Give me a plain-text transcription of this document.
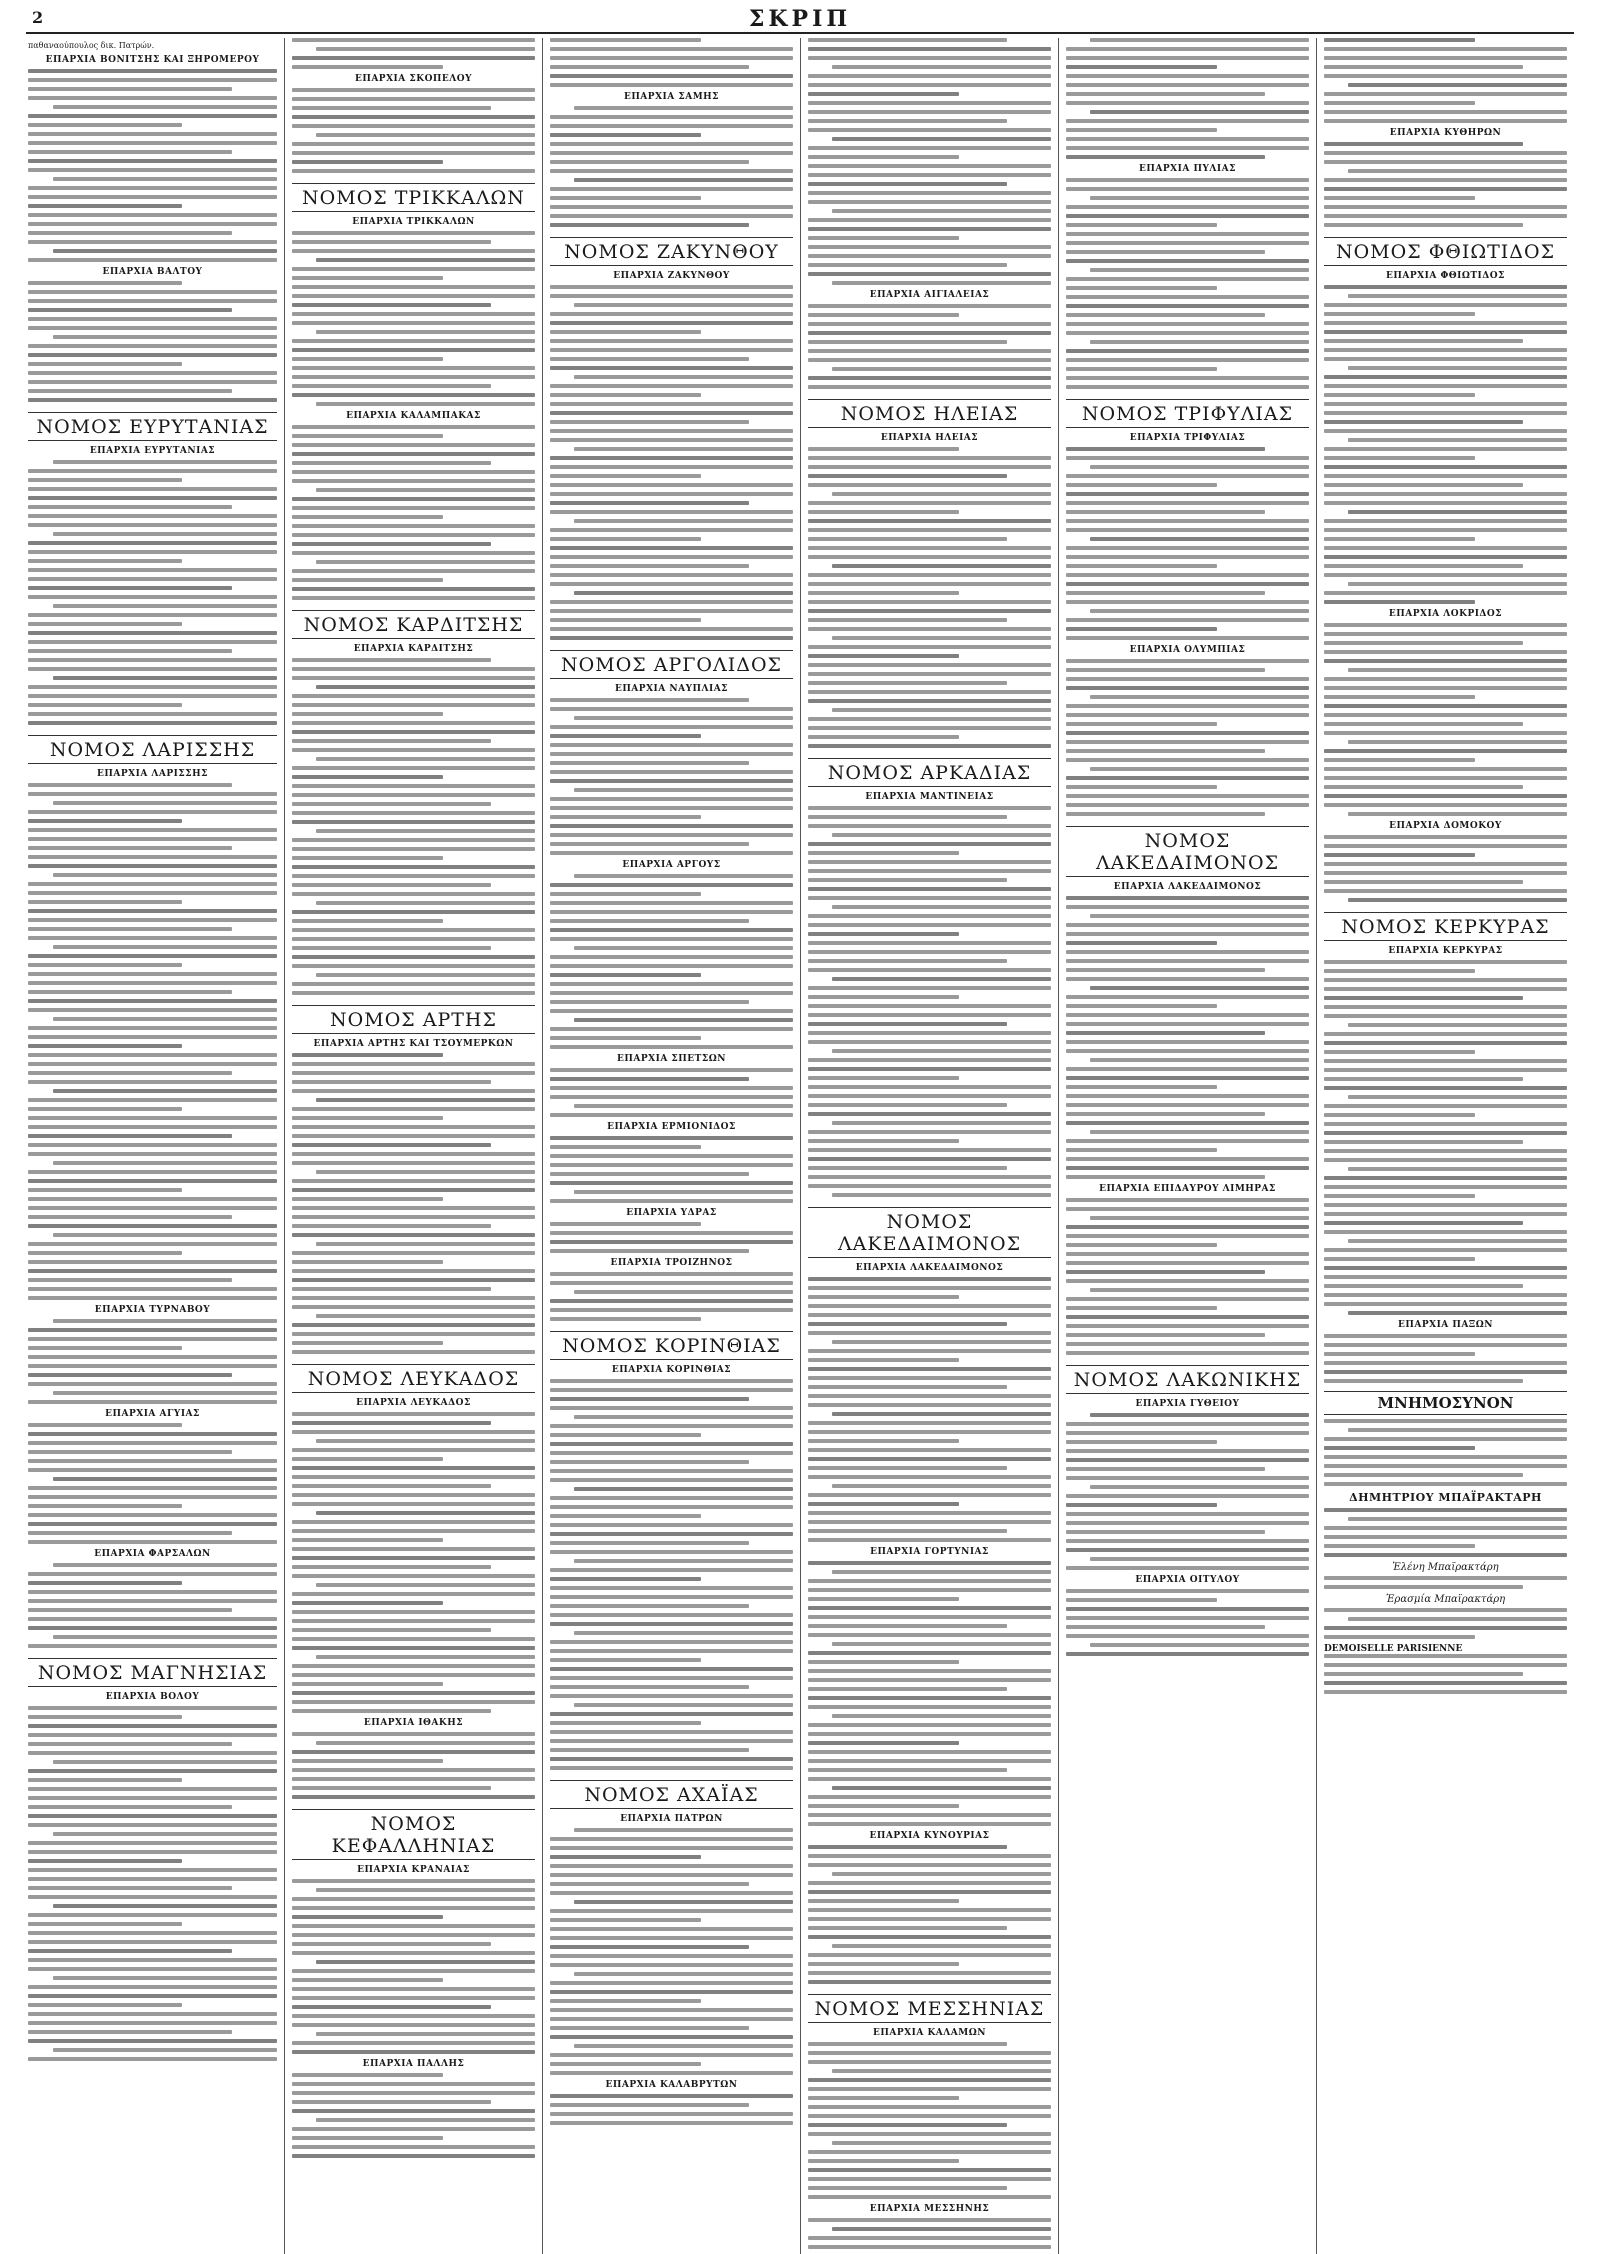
2	ΣΚΡΙΠ
παθαναούπουλος δικ. Πατρών.
ΕΠΑΡΧΙΑ ΒΟΝΙΤΣΗΣ ΚΑΙ ΞΗΡΟΜΕΡΟΥ
ΕΠΑΡΧΙΑ ΒΑΛΤΟΥ
ΝΟΜΟΣ ΕΥΡΥΤΑΝΙΑΣ
ΕΠΑΡΧΙΑ ΕΥΡΥΤΑΝΙΑΣ
ΝΟΜΟΣ ΛΑΡΙΣΣΗΣ
ΕΠΑΡΧΙΑ ΛΑΡΙΣΣΗΣ
ΕΠΑΡΧΙΑ ΤΥΡΝΑΒΟΥ
ΕΠΑΡΧΙΑ ΑΓΥΙΑΣ
ΕΠΑΡΧΙΑ ΦΑΡΣΑΛΩΝ
ΝΟΜΟΣ ΜΑΓΝΗΣΙΑΣ
ΕΠΑΡΧΙΑ ΒΟΛΟΥ
ΕΠΑΡΧΙΑ ΣΚΟΠΕΛΟΥ
ΝΟΜΟΣ ΤΡΙΚΚΑΛΩΝ
ΕΠΑΡΧΙΑ ΤΡΙΚΚΑΛΩΝ
ΕΠΑΡΧΙΑ ΚΑΛΑΜΠΑΚΑΣ
ΝΟΜΟΣ ΚΑΡΔΙΤΣΗΣ
ΕΠΑΡΧΙΑ ΚΑΡΔΙΤΣΗΣ
ΝΟΜΟΣ ΑΡΤΗΣ
ΕΠΑΡΧΙΑ ΑΡΤΗΣ ΚΑΙ ΤΣΟΥΜΕΡΚΩΝ
ΝΟΜΟΣ ΛΕΥΚΑΔΟΣ
ΕΠΑΡΧΙΑ ΛΕΥΚΑΔΟΣ
ΕΠΑΡΧΙΑ ΙΘΑΚΗΣ
ΝΟΜΟΣ ΚΕΦΑΛΛΗΝΙΑΣ
ΕΠΑΡΧΙΑ ΚΡΑΝΑΙΑΣ
ΕΠΑΡΧΙΑ ΠΑΛΛΗΣ
ΕΠΑΡΧΙΑ ΣΑΜΗΣ
ΝΟΜΟΣ ΖΑΚΥΝΘΟΥ
ΕΠΑΡΧΙΑ ΖΑΚΥΝΘΟΥ
ΝΟΜΟΣ ΑΡΓΟΛΙΔΟΣ
ΕΠΑΡΧΙΑ ΝΑΥΠΛΙΑΣ
ΕΠΑΡΧΙΑ ΑΡΓΟΥΣ
ΕΠΑΡΧΙΑ ΣΠΕΤΣΩΝ
ΕΠΑΡΧΙΑ ΕΡΜΙΟΝΙΔΟΣ
ΕΠΑΡΧΙΑ ΥΔΡΑΣ
ΕΠΑΡΧΙΑ ΤΡΟΙΖΗΝΟΣ
ΝΟΜΟΣ ΚΟΡΙΝΘΙΑΣ
ΕΠΑΡΧΙΑ ΚΟΡΙΝΘΙΑΣ
ΝΟΜΟΣ ΑΧΑΪΑΣ
ΕΠΑΡΧΙΑ ΠΑΤΡΩΝ
ΕΠΑΡΧΙΑ ΚΑΛΑΒΡΥΤΩΝ
ΕΠΑΡΧΙΑ ΑΙΓΙΑΛΕΙΑΣ
ΝΟΜΟΣ ΗΛΕΙΑΣ
ΕΠΑΡΧΙΑ ΗΛΕΙΑΣ
ΝΟΜΟΣ ΑΡΚΑΔΙΑΣ
ΕΠΑΡΧΙΑ ΜΑΝΤΙΝΕΙΑΣ
ΝΟΜΟΣ ΛΑΚΕΔΑΙΜΟΝΟΣ
ΕΠΑΡΧΙΑ ΛΑΚΕΔΑΙΜΟΝΟΣ
ΕΠΑΡΧΙΑ ΓΟΡΤΥΝΙΑΣ
ΕΠΑΡΧΙΑ ΚΥΝΟΥΡΙΑΣ
ΝΟΜΟΣ ΜΕΣΣΗΝΙΑΣ
ΕΠΑΡΧΙΑ ΚΑΛΑΜΩΝ
ΕΠΑΡΧΙΑ ΜΕΣΣΗΝΗΣ
ΕΠΑΡΧΙΑ ΠΥΛΙΑΣ
ΝΟΜΟΣ ΤΡΙΦΥΛΙΑΣ
ΕΠΑΡΧΙΑ ΤΡΙΦΥΛΙΑΣ
ΕΠΑΡΧΙΑ ΟΛΥΜΠΙΑΣ
ΝΟΜΟΣ ΛΑΚΕΔΑΙΜΟΝΟΣ
ΕΠΑΡΧΙΑ ΛΑΚΕΔΑΙΜΟΝΟΣ
ΕΠΑΡΧΙΑ ΕΠΙΔΑΥΡΟΥ ΛΙΜΗΡΑΣ
ΝΟΜΟΣ ΛΑΚΩΝΙΚΗΣ
ΕΠΑΡΧΙΑ ΓΥΘΕΙΟΥ
ΕΠΑΡΧΙΑ ΟΙΤΥΛΟΥ
ΕΠΑΡΧΙΑ ΚΥΘΗΡΩΝ
ΝΟΜΟΣ ΦΘΙΩΤΙΔΟΣ
ΕΠΑΡΧΙΑ ΦΘΙΩΤΙΔΟΣ
ΕΠΑΡΧΙΑ ΛΟΚΡΙΔΟΣ
ΕΠΑΡΧΙΑ ΔΟΜΟΚΟΥ
ΝΟΜΟΣ ΚΕΡΚΥΡΑΣ
ΕΠΑΡΧΙΑ ΚΕΡΚΥΡΑΣ
ΕΠΑΡΧΙΑ ΠΑΞΩΝ
ΜΝΗΜΟΣΥΝΟΝ
ΔΗΜΗΤΡΙΟΥ ΜΠΑΪΡΑΚΤΑΡΗ
Ἑλένη Μπαϊρακτάρη
Ἐρασμία Μπαϊρακτάρη
DEMOISELLE PARISIENNE
